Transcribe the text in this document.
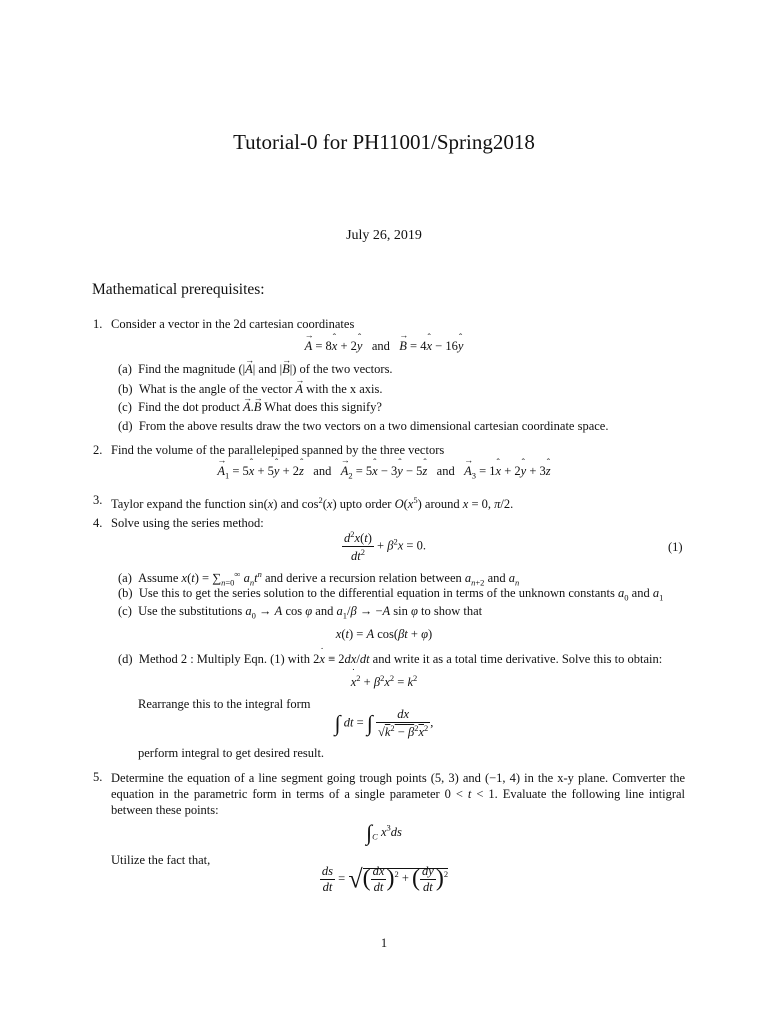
Tutorial-0 for PH11001/Spring2018
July 26, 2019
Mathematical prerequisites:
1. Consider a vector in the 2d cartesian coordinates
→ A = 8ˆ x + 2ˆ y   and   → B = 4ˆ x − 16ˆ y
(a) Find the magnitude (|→ A| and |→ B|) of the two vectors.
(b) What is the angle of the vector → A with the x axis.
(c) Find the dot product → A.→ B What does this signify?
(d) From the above results draw the two vectors on a two dimensional cartesian coordinate space.
2. Find the volume of the parallelepiped spanned by the three vectors
→ $A_1$ = 5ˆ x + 5ˆ y + 2ˆ z   and   → $A_2$ = 5ˆ x − 3ˆ y − 5ˆ z   and   → $A_3$ = 1ˆ x + 2ˆ y + 3ˆ z
3. Taylor expand the function sin(x) and $\cos^2(x)$ upto order $O(x^5)$ around x = 0, π/2.
4. Solve using the series method:
$\frac{d^2x(t)}{dt^2} + \beta^2x = 0$.	(1)
(a) Assume $x(t) = \sum_{n=0}^\infty$ $a_nt^n$ and derive a recursion relation between $a_{n+2}$ and $a_n$
(b) Use this to get the series solution to the differential equation in terms of the unknown constants $a_0$ and $a_1$
(c) Use the substitutions $a_0 \to A$ cos φ and $a_1/\beta \to -A$ sin φ to show that
x(t) = A cos(βt + φ)
(d) Method 2 : Multiply Eqn. (1) with 2˙ x ≡ 2dx/dt and write it as a total time derivative. Solve this to obtain:
˙ $x^2 + \beta^2x^2 = k^2$
Rearrange this to the integral form
∫ dt = ∫ $\frac{dx}{√k^2 - \beta^2x^2}$ ,
perform integral to get desired result.
5. Determine the equation of a line segment going trough points (5, 3) and (−1, 4) in the x-y plane. Comverter the equation in the parametric form in terms of a single parameter 0 < t < 1. Evaluate the following line intigral between these points:
$\int_C$ $x^3ds$
Utilize the fact that,
$\frac{ds}{dt}$ = √( $\frac{dx}{dt} )^2$ + ( $\frac{dy}{dt} )^2$
1
